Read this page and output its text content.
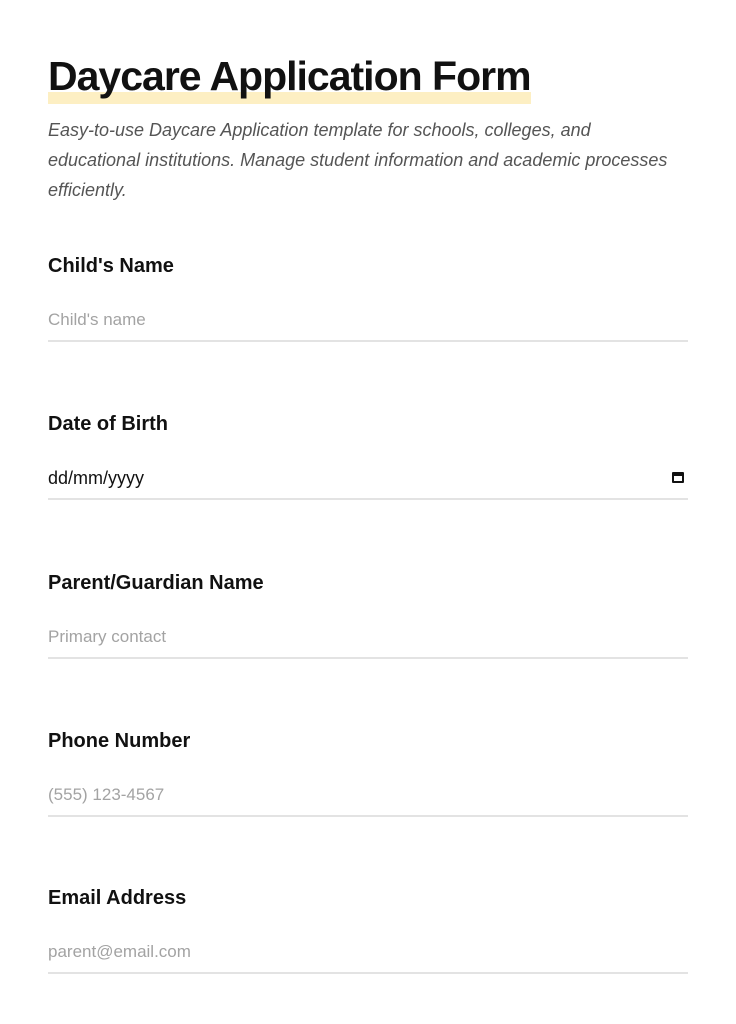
Daycare Application Form

Easy-to-use Daycare Application template for schools, colleges, and educational institutions. Manage student information and academic processes efficiently.

Child's Name
Child's name
Date of Birth
dd/mm/yyyy
Parent/Guardian Name
Primary contact
Phone Number
(555) 123-4567
Email Address
parent@email.com
